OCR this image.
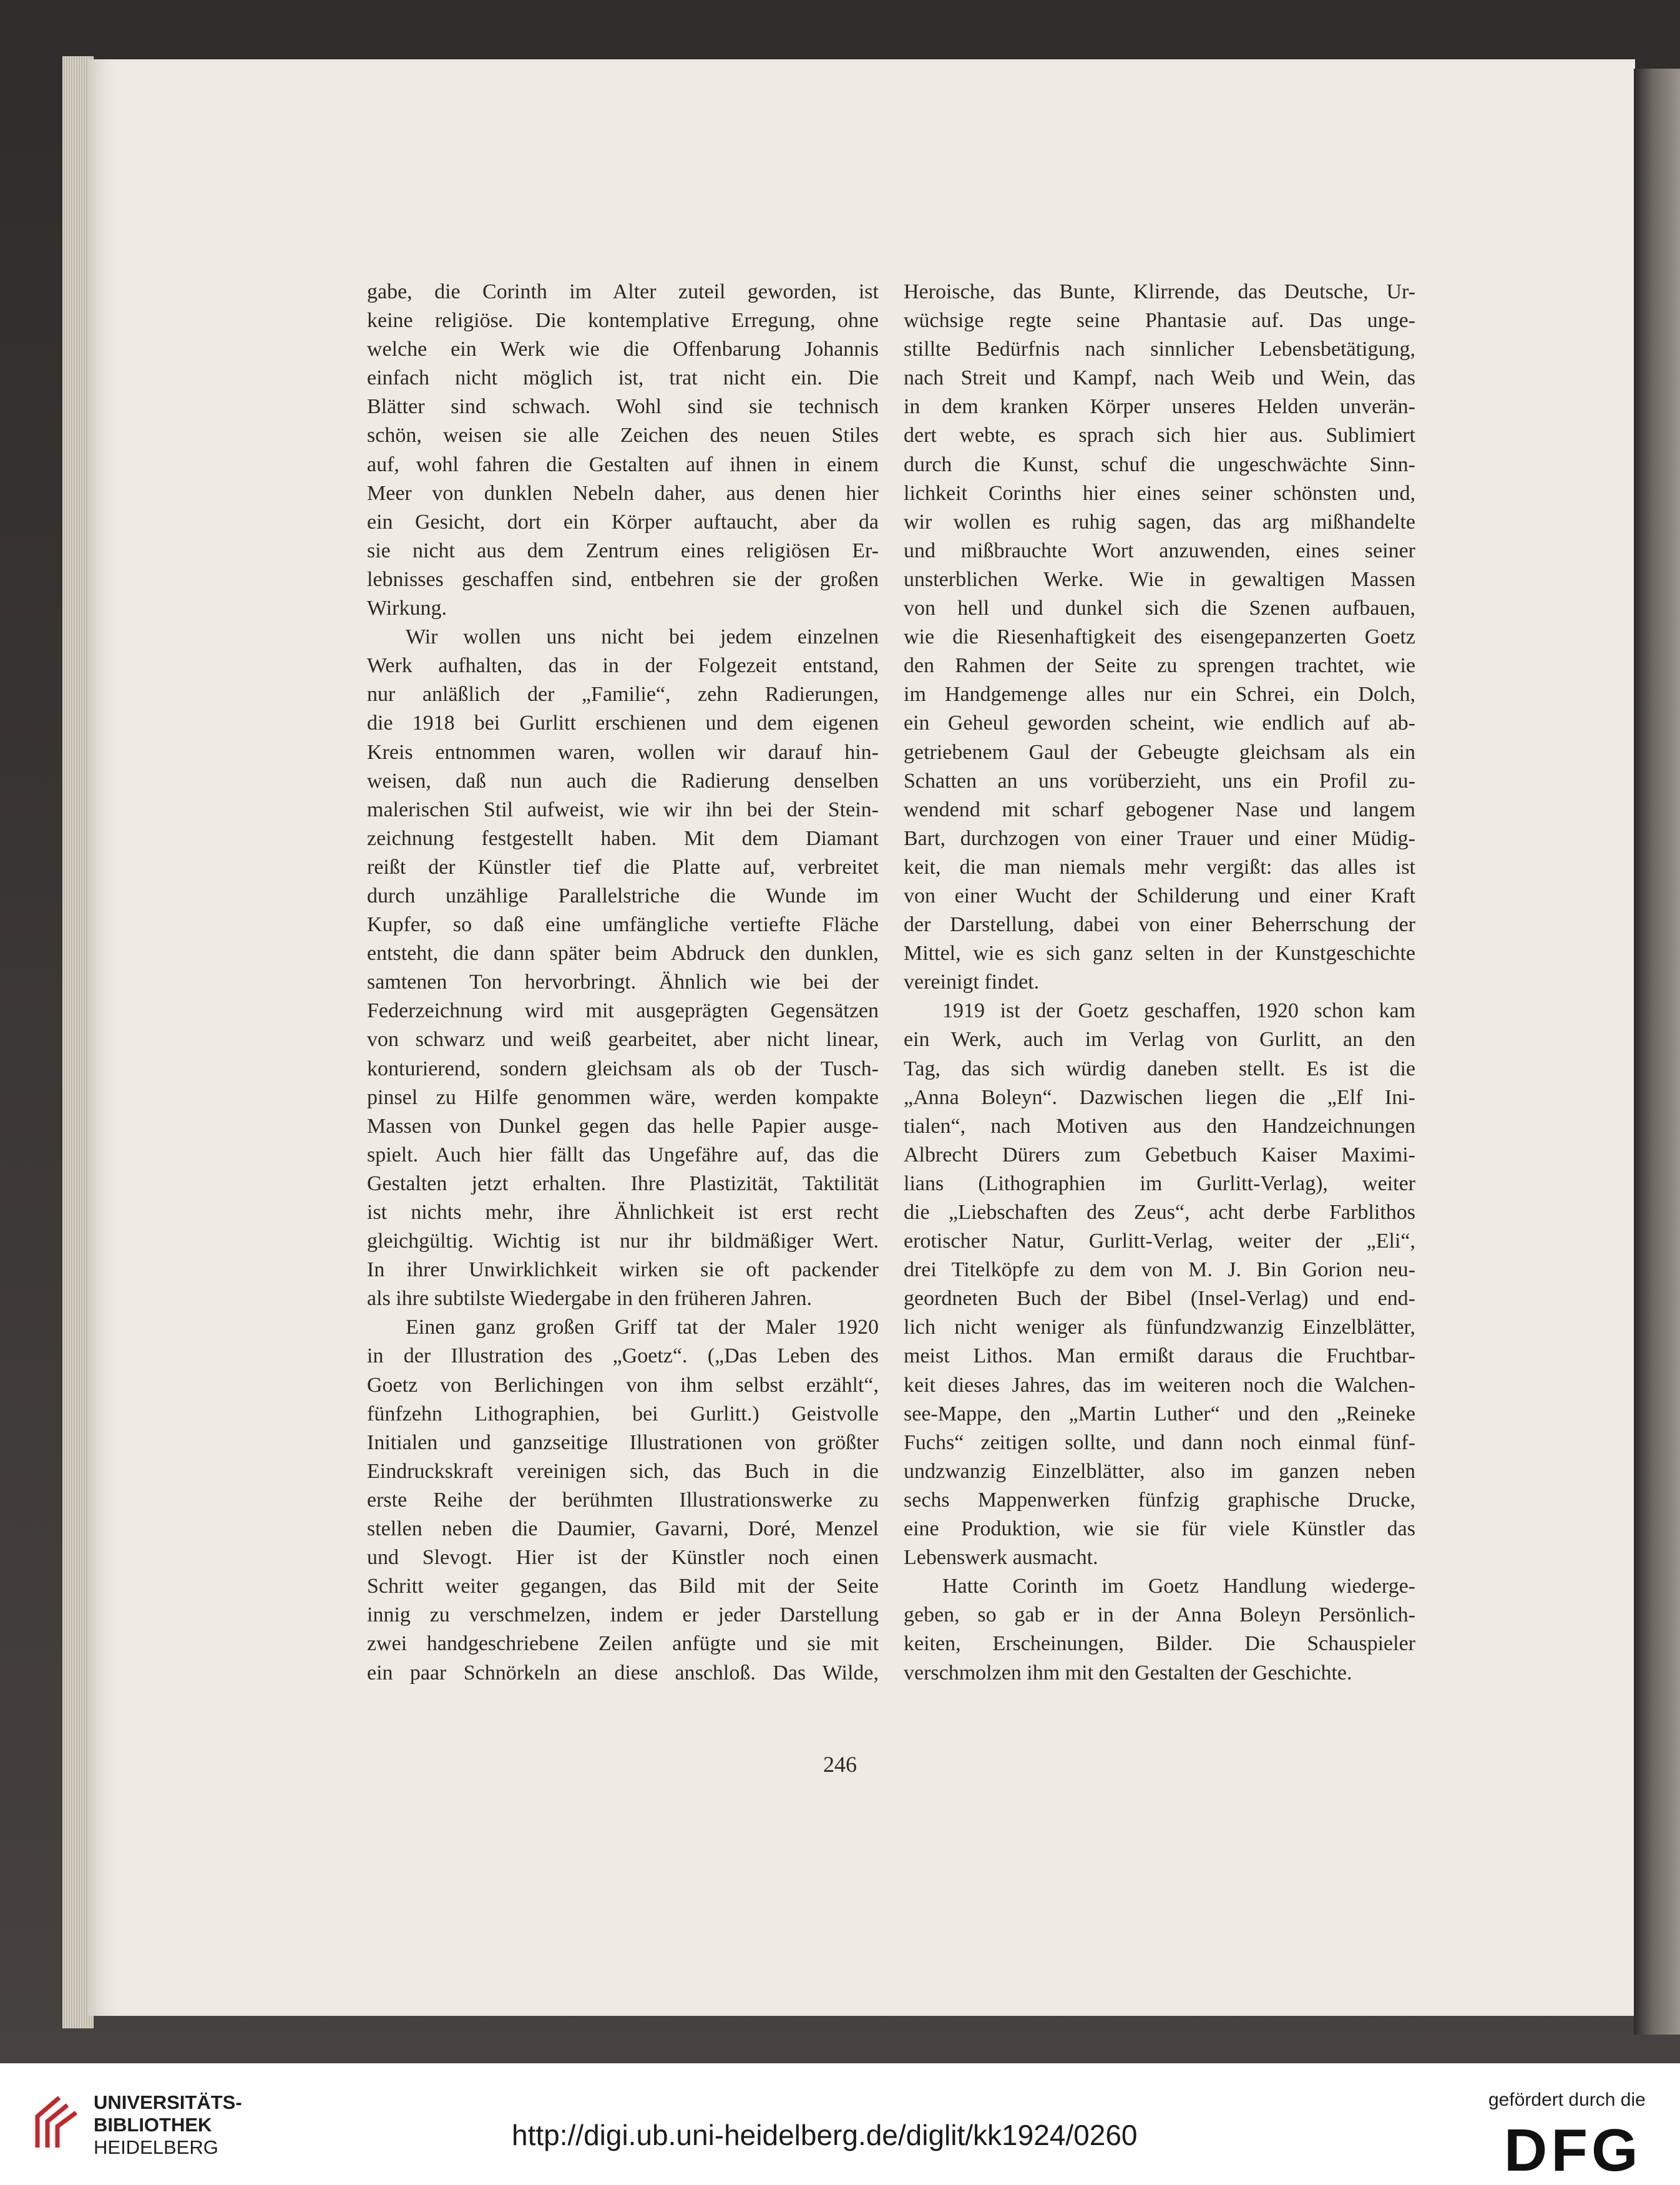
gabe, die Corinth im Alter zuteil geworden, ist
keine religiöse. Die kontemplative Erregung, ohne
welche ein Werk wie die Offenbarung Johannis
einfach nicht möglich ist, trat nicht ein. Die
Blätter sind schwach. Wohl sind sie technisch
schön, weisen sie alle Zeichen des neuen Stiles
auf, wohl fahren die Gestalten auf ihnen in einem
Meer von dunklen Nebeln daher, aus denen hier
ein Gesicht, dort ein Körper auftaucht, aber da
sie nicht aus dem Zentrum eines religiösen Er-
lebnisses geschaffen sind, entbehren sie der großen
Wirkung.
Wir wollen uns nicht bei jedem einzelnen
Werk aufhalten, das in der Folgezeit entstand,
nur anläßlich der „Familie“, zehn Radierungen,
die 1918 bei Gurlitt erschienen und dem eigenen
Kreis entnommen waren, wollen wir darauf hin-
weisen, daß nun auch die Radierung denselben
malerischen Stil aufweist, wie wir ihn bei der Stein-
zeichnung festgestellt haben. Mit dem Diamant
reißt der Künstler tief die Platte auf, verbreitet
durch unzählige Parallelstriche die Wunde im
Kupfer, so daß eine umfängliche vertiefte Fläche
entsteht, die dann später beim Abdruck den dunklen,
samtenen Ton hervorbringt. Ähnlich wie bei der
Federzeichnung wird mit ausgeprägten Gegensätzen
von schwarz und weiß gearbeitet, aber nicht linear,
konturierend, sondern gleichsam als ob der Tusch-
pinsel zu Hilfe genommen wäre, werden kompakte
Massen von Dunkel gegen das helle Papier ausge-
spielt. Auch hier fällt das Ungefähre auf, das die
Gestalten jetzt erhalten. Ihre Plastizität, Taktilität
ist nichts mehr, ihre Ähnlichkeit ist erst recht
gleichgültig. Wichtig ist nur ihr bildmäßiger Wert.
In ihrer Unwirklichkeit wirken sie oft packender
als ihre subtilste Wiedergabe in den früheren Jahren.
Einen ganz großen Griff tat der Maler 1920
in der Illustration des „Goetz“. („Das Leben des
Goetz von Berlichingen von ihm selbst erzählt“,
fünfzehn Lithographien, bei Gurlitt.) Geistvolle
Initialen und ganzseitige Illustrationen von größter
Eindruckskraft vereinigen sich, das Buch in die
erste Reihe der berühmten Illustrationswerke zu
stellen neben die Daumier, Gavarni, Doré, Menzel
und Slevogt. Hier ist der Künstler noch einen
Schritt weiter gegangen, das Bild mit der Seite
innig zu verschmelzen, indem er jeder Darstellung
zwei handgeschriebene Zeilen anfügte und sie mit
ein paar Schnörkeln an diese anschloß. Das Wilde,
Heroische, das Bunte, Klirrende, das Deutsche, Ur-
wüchsige regte seine Phantasie auf. Das unge-
stillte Bedürfnis nach sinnlicher Lebensbetätigung,
nach Streit und Kampf, nach Weib und Wein, das
in dem kranken Körper unseres Helden unverän-
dert webte, es sprach sich hier aus. Sublimiert
durch die Kunst, schuf die ungeschwächte Sinn-
lichkeit Corinths hier eines seiner schönsten und,
wir wollen es ruhig sagen, das arg mißhandelte
und mißbrauchte Wort anzuwenden, eines seiner
unsterblichen Werke. Wie in gewaltigen Massen
von hell und dunkel sich die Szenen aufbauen,
wie die Riesenhaftigkeit des eisengepanzerten Goetz
den Rahmen der Seite zu sprengen trachtet, wie
im Handgemenge alles nur ein Schrei, ein Dolch,
ein Geheul geworden scheint, wie endlich auf ab-
getriebenem Gaul der Gebeugte gleichsam als ein
Schatten an uns vorüberzieht, uns ein Profil zu-
wendend mit scharf gebogener Nase und langem
Bart, durchzogen von einer Trauer und einer Müdig-
keit, die man niemals mehr vergißt: das alles ist
von einer Wucht der Schilderung und einer Kraft
der Darstellung, dabei von einer Beherrschung der
Mittel, wie es sich ganz selten in der Kunstgeschichte
vereinigt findet.
1919 ist der Goetz geschaffen, 1920 schon kam
ein Werk, auch im Verlag von Gurlitt, an den
Tag, das sich würdig daneben stellt. Es ist die
„Anna Boleyn“. Dazwischen liegen die „Elf Ini-
tialen“, nach Motiven aus den Handzeichnungen
Albrecht Dürers zum Gebetbuch Kaiser Maximi-
lians (Lithographien im Gurlitt-Verlag), weiter
die „Liebschaften des Zeus“, acht derbe Farblithos
erotischer Natur, Gurlitt-Verlag, weiter der „Eli“,
drei Titelköpfe zu dem von M. J. Bin Gorion neu-
geordneten Buch der Bibel (Insel-Verlag) und end-
lich nicht weniger als fünfundzwanzig Einzelblätter,
meist Lithos. Man ermißt daraus die Fruchtbar-
keit dieses Jahres, das im weiteren noch die Walchen-
see-Mappe, den „Martin Luther“ und den „Reineke
Fuchs“ zeitigen sollte, und dann noch einmal fünf-
undzwanzig Einzelblätter, also im ganzen neben
sechs Mappenwerken fünfzig graphische Drucke,
eine Produktion, wie sie für viele Künstler das
Lebenswerk ausmacht.
Hatte Corinth im Goetz Handlung wiederge-
geben, so gab er in der Anna Boleyn Persönlich-
keiten, Erscheinungen, Bilder. Die Schauspieler
verschmolzen ihm mit den Gestalten der Geschichte.
246
UNIVERSITÄTS-
BIBLIOTHEK
HEIDELBERG	http://digi.ub.uni-heidelberg.de/diglit/kk1924/0260
gefördert durch die
DFG
